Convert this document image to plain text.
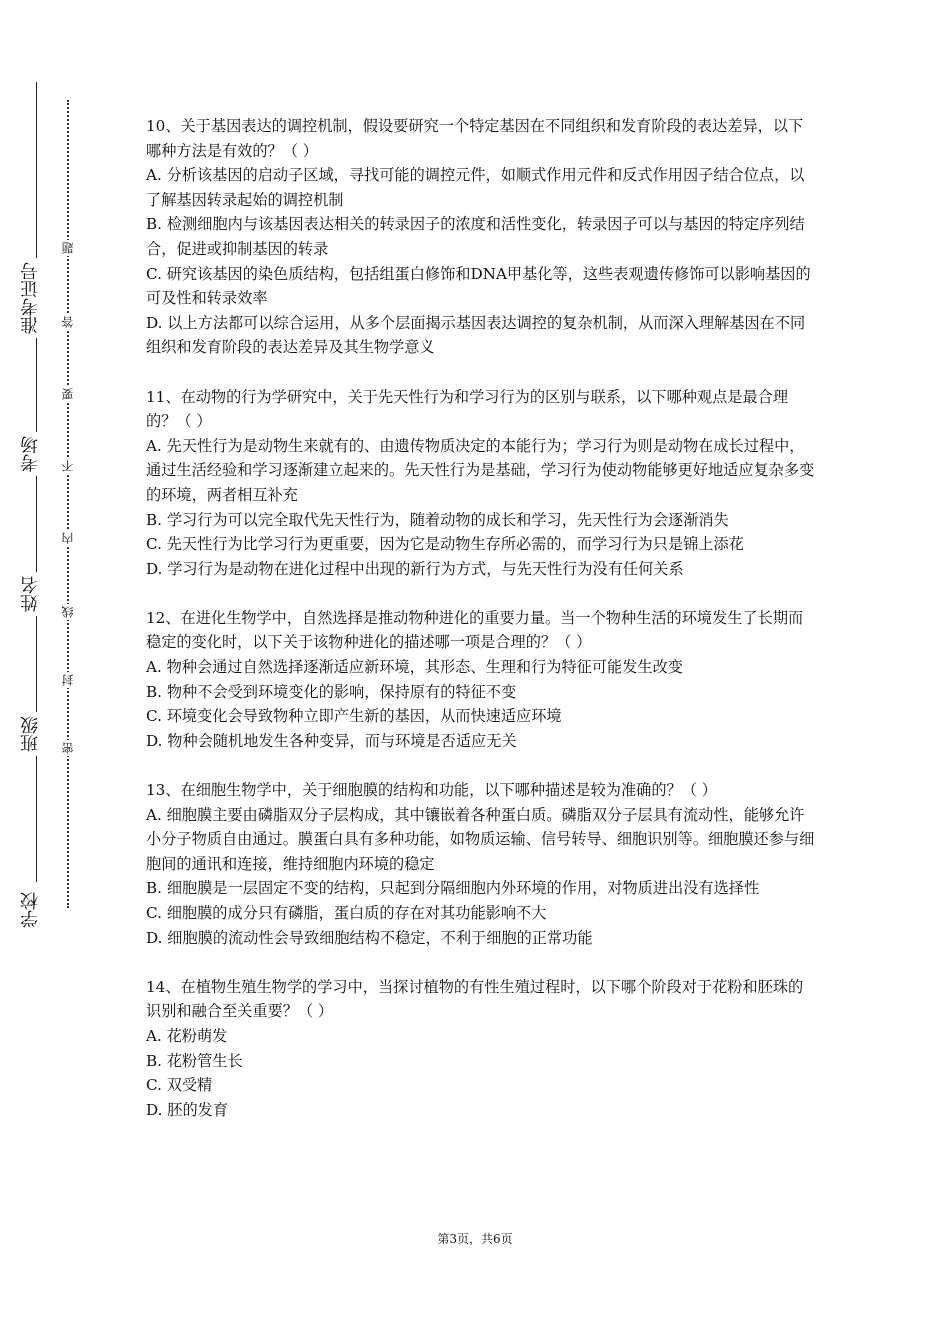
学校
班级
姓名
考场
准考证号
密
封
线
内
不
要
答
题

10、关于基因表达的调控机制，假设要研究一个特定基因在不同组织和发育阶段的表达差异，以下哪种方法是有效的？（ ）

A. 分析该基因的启动子区域，寻找可能的调控元件，如顺式作用元件和反式作用因子结合位点，以了解基因转录起始的调控机制

B. 检测细胞内与该基因表达相关的转录因子的浓度和活性变化，转录因子可以与基因的特定序列结合，促进或抑制基因的转录

C. 研究该基因的染色质结构，包括组蛋白修饰和DNA甲基化等，这些表观遗传修饰可以影响基因的可及性和转录效率

D. 以上方法都可以综合运用，从多个层面揭示基因表达调控的复杂机制，从而深入理解基因在不同组织和发育阶段的表达差异及其生物学意义

11、在动物的行为学研究中，关于先天性行为和学习行为的区别与联系，以下哪种观点是最合理的？（ ）

A. 先天性行为是动物生来就有的、由遗传物质决定的本能行为；学习行为则是动物在成长过程中，通过生活经验和学习逐渐建立起来的。先天性行为是基础，学习行为使动物能够更好地适应复杂多变的环境，两者相互补充

B. 学习行为可以完全取代先天性行为，随着动物的成长和学习，先天性行为会逐渐消失

C. 先天性行为比学习行为更重要，因为它是动物生存所必需的，而学习行为只是锦上添花

D. 学习行为是动物在进化过程中出现的新行为方式，与先天性行为没有任何关系

12、在进化生物学中，自然选择是推动物种进化的重要力量。当一个物种生活的环境发生了长期而稳定的变化时，以下关于该物种进化的描述哪一项是合理的？（ ）

A. 物种会通过自然选择逐渐适应新环境，其形态、生理和行为特征可能发生改变

B. 物种不会受到环境变化的影响，保持原有的特征不变

C. 环境变化会导致物种立即产生新的基因，从而快速适应环境

D. 物种会随机地发生各种变异，而与环境是否适应无关

13、在细胞生物学中，关于细胞膜的结构和功能，以下哪种描述是较为准确的？（ ）

A. 细胞膜主要由磷脂双分子层构成，其中镶嵌着各种蛋白质。磷脂双分子层具有流动性，能够允许小分子物质自由通过。膜蛋白具有多种功能，如物质运输、信号转导、细胞识别等。细胞膜还参与细胞间的通讯和连接，维持细胞内环境的稳定

B. 细胞膜是一层固定不变的结构，只起到分隔细胞内外环境的作用，对物质进出没有选择性

C. 细胞膜的成分只有磷脂，蛋白质的存在对其功能影响不大

D. 细胞膜的流动性会导致细胞结构不稳定，不利于细胞的正常功能

14、在植物生殖生物学的学习中，当探讨植物的有性生殖过程时，以下哪个阶段对于花粉和胚珠的识别和融合至关重要？（ ）

A. 花粉萌发

B. 花粉管生长

C. 双受精

D. 胚的发育

第3页，共6页
